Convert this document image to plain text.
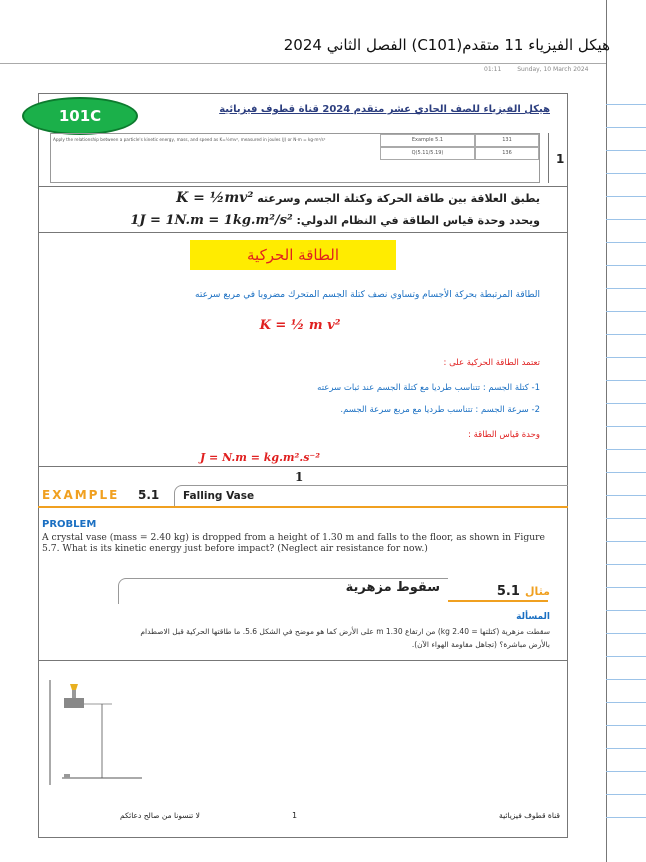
هيكل الفيزياء 11 متقدم(C101) الفصل الثاني 2024
01:11	Sunday, 10 March 2024
101C	هيكل الفيزياء للصف الحادي عشر متقدم 2024 قناة قطوف فيزيائية
Apply the relationship between a particle's kinetic energy, mass, and speed as K=½mv², measured in joules (J) or N·m = kg·m²/s²	Example 5.1	131
Q(5.11/5.19)	136	1
يطبق العلاقة بين طاقة الحركة وكتلة الجسم وسرعته K = ½mv²
ويحدد وحدة قياس الطاقة في النظام الدولي: 1J = 1N.m = 1kg.m²/s²
الطاقة الحركية
الطاقة المرتبطة بحركة الأجسام وتساوي نصف كتلة الجسم المتحرك مضروبا في مربع سرعته
K = ½ m v²
تعتمد الطاقة الحركية على :
1- كتلة الجسم : تتناسب طرديا مع كتلة الجسم عند ثبات سرعته
2- سرعة الجسم : تتناسب طرديا مع مربع سرعة الجسم.
وحدة قياس الطاقة :
J = N.m = kg.m².s⁻²
1
EXAMPLE 5.1 Falling Vase
PROBLEM
A crystal vase (mass = 2.40 kg) is dropped from a height of 1.30 m and falls to the floor, as shown in Figure 5.7. What is its kinetic energy just before impact? (Neglect air resistance for now.)
سقوط مزهرية	مثال 5.1
المسألة
سقطت مزهرية (كتلتها = 2.40 kg) من ارتفاع 1.30 m على الأرض كما هو موضح في الشكل 5.6. ما طاقتها الحركية قبل الاصطدام بالأرض مباشرة؟ (تجاهل مقاومة الهواء الآن).
لا تنسونا من صالح دعائكم	1	قناة قطوف فيزيائية
